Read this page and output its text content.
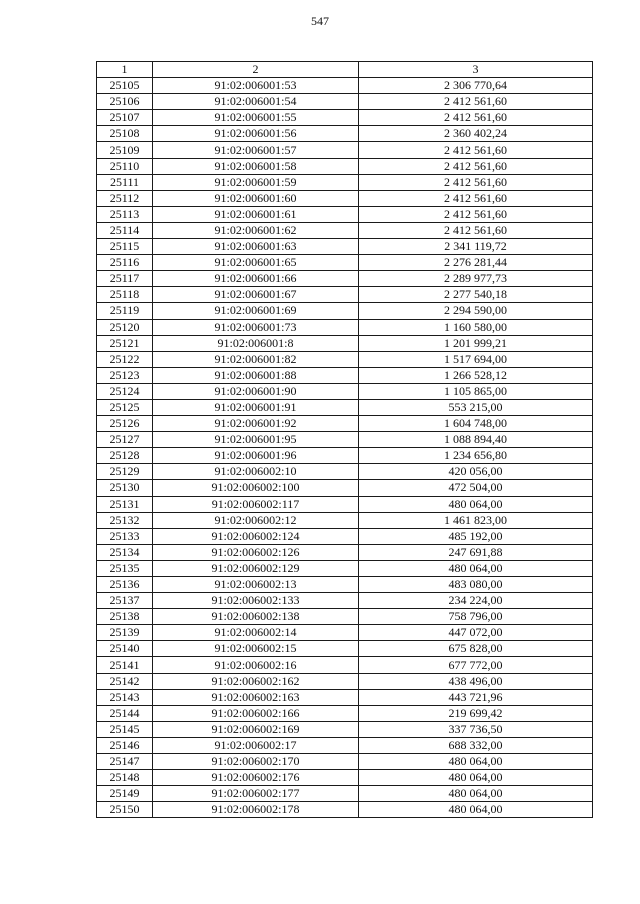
547
1	2	3
25105	91:02:006001:53	2 306 770,64
25106	91:02:006001:54	2 412 561,60
25107	91:02:006001:55	2 412 561,60
25108	91:02:006001:56	2 360 402,24
25109	91:02:006001:57	2 412 561,60
25110	91:02:006001:58	2 412 561,60
25111	91:02:006001:59	2 412 561,60
25112	91:02:006001:60	2 412 561,60
25113	91:02:006001:61	2 412 561,60
25114	91:02:006001:62	2 412 561,60
25115	91:02:006001:63	2 341 119,72
25116	91:02:006001:65	2 276 281,44
25117	91:02:006001:66	2 289 977,73
25118	91:02:006001:67	2 277 540,18
25119	91:02:006001:69	2 294 590,00
25120	91:02:006001:73	1 160 580,00
25121	91:02:006001:8	1 201 999,21
25122	91:02:006001:82	1 517 694,00
25123	91:02:006001:88	1 266 528,12
25124	91:02:006001:90	1 105 865,00
25125	91:02:006001:91	553 215,00
25126	91:02:006001:92	1 604 748,00
25127	91:02:006001:95	1 088 894,40
25128	91:02:006001:96	1 234 656,80
25129	91:02:006002:10	420 056,00
25130	91:02:006002:100	472 504,00
25131	91:02:006002:117	480 064,00
25132	91:02:006002:12	1 461 823,00
25133	91:02:006002:124	485 192,00
25134	91:02:006002:126	247 691,88
25135	91:02:006002:129	480 064,00
25136	91:02:006002:13	483 080,00
25137	91:02:006002:133	234 224,00
25138	91:02:006002:138	758 796,00
25139	91:02:006002:14	447 072,00
25140	91:02:006002:15	675 828,00
25141	91:02:006002:16	677 772,00
25142	91:02:006002:162	438 496,00
25143	91:02:006002:163	443 721,96
25144	91:02:006002:166	219 699,42
25145	91:02:006002:169	337 736,50
25146	91:02:006002:17	688 332,00
25147	91:02:006002:170	480 064,00
25148	91:02:006002:176	480 064,00
25149	91:02:006002:177	480 064,00
25150	91:02:006002:178	480 064,00
